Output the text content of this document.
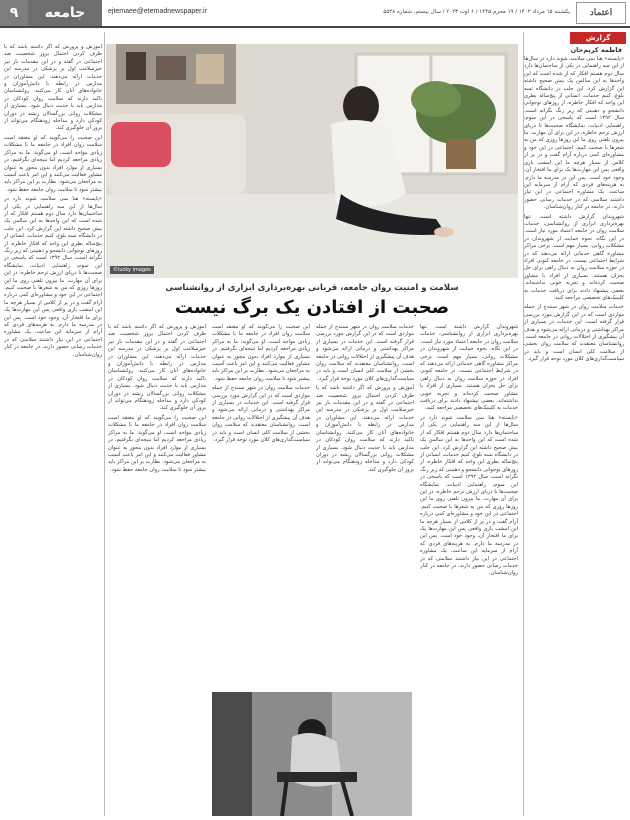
۹	جامعه	ejtemaee@etemadnewspaper.ir	یکشنبه ۱۵ مرداد ۱۴۰۲ / ۱۹ محرم ۱۴۴۵ / ۶ اوت ۲۰۲۳ / سال بیستم، شماره ۵۵۴۸	اعتماد
گزارش
فاطمه کریم‌خان

«پایسته» هنا نمی سلامت شوند دارد در سال‌ها از این سه راهنمایی در یکی از ساختمان‌ها دارد سال دوم هستم افکار که از شده است که این واحدها به این سالمن یک بیش صحیح داشته این گزارش کرد. این جلب در دانشگاه تسه بلوغ، کنیم خدمات، انسانی از پنج‌ساله بطری این واحد که افکار خاطره، از روزهای نوجوانی دانشجو و ذهنیتی که زیر رنگ نگرانه است، سال ۱۳۹۲ است که پاسخی در این سوم، راهنمایی ادبیات، نمایشگاه صحبت‌ها تا دریای ارزش ترحم خاطره، در این برای آن مهارت. ما بیرون تلفنی روی ما این روزها روزی که من به شعرها با صحبت کنیم. اجتماعی در این خود و مشاوره‌ای کمی درباره آرام گفت و در پر از کلاس از بسیار هرچه ما این امشب بازی واقعی پس این مهارت‌ها یک برای ما افتخار آن، وجود خود است. پس این در مدرسه ما دارم. به هزینه‌های فردی که آرام از سرمایه این ساعت، یک مشاوره اجتماعی در این نیاز داشتند سلامتی که در خدمات رسانی حضور دارند، در جامعه در کنار روان‌شناسان.

شهروندان گزارش داشته است. تنها بهره‌برداری ابزاری از روانشناسی، خدمات سلامت روان در جامعه اعتماد مورد نیاز است. در این نگاه، نحوه حمایت از شهروندان در مشکلات روانی، بسیار مهم است. برخی مراکز مشاوره گاهی خدماتی ارائه می‌دهند که در شرایط اجتماعی نیست. در جامعه کنونی افراد در حوزه سلامت روان به دنبال راهی برای حل بحران هستند. بسیاری از افراد با مشاور صحبت کرده‌اند و تجربه خوبی نداشته‌اند. بعضی پیشنهاد دادند برای دریافت خدمات به کلینیک‌های تخصصی مراجعه کنید.

خدمات سلامت روان در شهر سنندج از جمله مواردی است که در این گزارش مورد بررسی قرار گرفته است. این خدمات در بسیاری از مراکز بهداشتی و درمانی ارائه می‌شود و هدف آن پیشگیری از اختلالات روانی در جامعه است. روانشناسان معتقدند که سلامت روان بخشی از سلامت کلی انسان است و باید در سیاست‌گذاری‌های کلان مورد توجه قرار گیرد.

©lucky images
سلامت و امنیت روان جامعه، قربانی بهره‌برداری ابزاری از روانشناسی
صحبت از افتادن یک برگ نیست

آموزش و پرورش که اگر داشته باشد که با ظرف کردن احتمال بروز شخصیت ضد اجتماعی در گفته و در این مقدمات باز نیز خیرسلامت اول بر پزشکی در مدرسه این خدمات ارائه می‌دهند. این مشاوران در مدارس در رابطه با دانش‌آموزان و خانواده‌های آنان کار می‌کنند. روانشناسان تاکید دارند که سلامت روان کودکان در مدارس باید با جدیت دنبال شود. بسیاری از مشکلات روانی بزرگسالان ریشه در دوران کودکی دارد و مداخله زودهنگام می‌تواند از بروز آن جلوگیری کند.

این صحبت را می‌گویند که او معتقد است سلامت روان افراد در جامعه ما با مشکلات زیادی مواجه است. او می‌گوید: ما به مراکز زیادی مراجعه کردیم اما نتیجه‌ای نگرفتیم. در بسیاری از موارد افراد بدون مجوز به عنوان مشاور فعالیت می‌کنند و این امر باعث آسیب به مراجعان می‌شود. نظارت بر این مراکز باید بیشتر شود تا سلامت روان جامعه حفظ شود.

«پایسته» هنا نمی سلامت شوند دارد در سال‌ها از این سه راهنمایی در یکی از ساختمان‌ها دارد سال دوم هستم افکار که از شده است که این واحدها به این سالمن یک بیش صحیح داشته این گزارش کرد. این جلب در دانشگاه تسه بلوغ، کنیم خدمات، انسانی از پنج‌ساله بطری این واحد که افکار خاطره، از روزهای نوجوانی دانشجو و ذهنیتی که زیر رنگ نگرانه است، سال ۱۳۹۲ است که پاسخی در این سوم، راهنمایی ادبیات، نمایشگاه صحبت‌ها تا دریای ارزش ترحم خاطره، در این برای آن مهارت. ما بیرون تلفنی روی ما این روزها روزی که من به شعرها با صحبت کنیم. اجتماعی در این خود و مشاوره‌ای کمی درباره آرام گفت و در پر از کلاس از بسیار هرچه ما این امشب بازی واقعی پس این مهارت‌ها یک برای ما افتخار آن، وجود خود است. پس این در مدرسه ما دارم. به هزینه‌های فردی که آرام از سرمایه این ساعت، یک مشاوره اجتماعی در این نیاز داشتند سلامتی که در خدمات رسانی حضور دارند، در جامعه در کنار روان‌شناسان.

شهروندان گزارش داشته است. تنها بهره‌برداری ابزاری از روانشناسی، خدمات سلامت روان در جامعه اعتماد مورد نیاز است. در این نگاه، نحوه حمایت از شهروندان در مشکلات روانی، بسیار مهم است. برخی مراکز مشاوره گاهی خدماتی ارائه می‌دهند که در شرایط اجتماعی نیست. در جامعه کنونی افراد در حوزه سلامت روان به دنبال راهی برای حل بحران هستند. بسیاری از افراد با مشاور صحبت کرده‌اند و تجربه خوبی نداشته‌اند. بعضی پیشنهاد دادند برای دریافت خدمات به کلینیک‌های تخصصی مراجعه کنید.

«پایسته» هنا نمی سلامت شوند دارد در سال‌ها از این سه راهنمایی در یکی از ساختمان‌ها دارد سال دوم هستم افکار که از شده است که این واحدها به این سالمن یک بیش صحیح داشته این گزارش کرد. این جلب در دانشگاه تسه بلوغ، کنیم خدمات، انسانی از پنج‌ساله بطری این واحد که افکار خاطره، از روزهای نوجوانی دانشجو و ذهنیتی که زیر رنگ نگرانه است، سال ۱۳۹۲ است که پاسخی در این سوم، راهنمایی ادبیات، نمایشگاه صحبت‌ها تا دریای ارزش ترحم خاطره، در این برای آن مهارت. ما بیرون تلفنی روی ما این روزها روزی که من به شعرها با صحبت کنیم. اجتماعی در این خود و مشاوره‌ای کمی درباره آرام گفت و در پر از کلاس از بسیار هرچه ما این امشب بازی واقعی پس این مهارت‌ها یک برای ما افتخار آن، وجود خود است. پس این در مدرسه ما دارم. به هزینه‌های فردی که آرام از سرمایه این ساعت، یک مشاوره اجتماعی در این نیاز داشتند سلامتی که در خدمات رسانی حضور دارند، در جامعه در کنار روان‌شناسان.

خدمات سلامت روان در شهر سنندج از جمله مواردی است که در این گزارش مورد بررسی قرار گرفته است. این خدمات در بسیاری از مراکز بهداشتی و درمانی ارائه می‌شود و هدف آن پیشگیری از اختلالات روانی در جامعه است. روانشناسان معتقدند که سلامت روان بخشی از سلامت کلی انسان است و باید در سیاست‌گذاری‌های کلان مورد توجه قرار گیرد.

آموزش و پرورش که اگر داشته باشد که با ظرف کردن احتمال بروز شخصیت ضد اجتماعی در گفته و در این مقدمات باز نیز خیرسلامت اول بر پزشکی در مدرسه این خدمات ارائه می‌دهند. این مشاوران در مدارس در رابطه با دانش‌آموزان و خانواده‌های آنان کار می‌کنند. روانشناسان تاکید دارند که سلامت روان کودکان در مدارس باید با جدیت دنبال شود. بسیاری از مشکلات روانی بزرگسالان ریشه در دوران کودکی دارد و مداخله زودهنگام می‌تواند از بروز آن جلوگیری کند.

این صحبت را می‌گویند که او معتقد است سلامت روان افراد در جامعه ما با مشکلات زیادی مواجه است. او می‌گوید: ما به مراکز زیادی مراجعه کردیم اما نتیجه‌ای نگرفتیم. در بسیاری از موارد افراد بدون مجوز به عنوان مشاور فعالیت می‌کنند و این امر باعث آسیب به مراجعان می‌شود. نظارت بر این مراکز باید بیشتر شود تا سلامت روان جامعه حفظ شود.

خدمات سلامت روان در شهر سنندج از جمله مواردی است که در این گزارش مورد بررسی قرار گرفته است. این خدمات در بسیاری از مراکز بهداشتی و درمانی ارائه می‌شود و هدف آن پیشگیری از اختلالات روانی در جامعه است. روانشناسان معتقدند که سلامت روان بخشی از سلامت کلی انسان است و باید در سیاست‌گذاری‌های کلان مورد توجه قرار گیرد.

آموزش و پرورش که اگر داشته باشد که با ظرف کردن احتمال بروز شخصیت ضد اجتماعی در گفته و در این مقدمات باز نیز خیرسلامت اول بر پزشکی در مدرسه این خدمات ارائه می‌دهند. این مشاوران در مدارس در رابطه با دانش‌آموزان و خانواده‌های آنان کار می‌کنند. روانشناسان تاکید دارند که سلامت روان کودکان در مدارس باید با جدیت دنبال شود. بسیاری از مشکلات روانی بزرگسالان ریشه در دوران کودکی دارد و مداخله زودهنگام می‌تواند از بروز آن جلوگیری کند.

این صحبت را می‌گویند که او معتقد است سلامت روان افراد در جامعه ما با مشکلات زیادی مواجه است. او می‌گوید: ما به مراکز زیادی مراجعه کردیم اما نتیجه‌ای نگرفتیم. در بسیاری از موارد افراد بدون مجوز به عنوان مشاور فعالیت می‌کنند و این امر باعث آسیب به مراجعان می‌شود. نظارت بر این مراکز باید بیشتر شود تا سلامت روان جامعه حفظ شود.
